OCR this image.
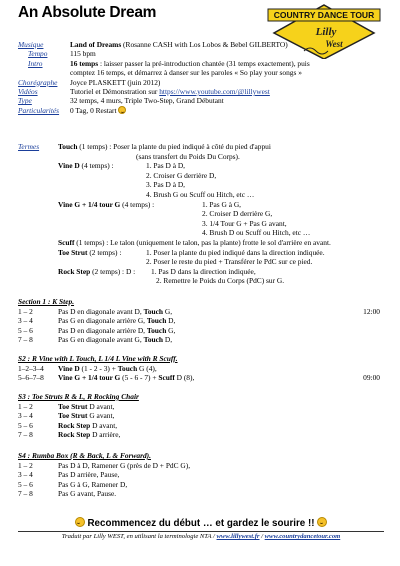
An Absolute Dream	COUNTRY DANCE TOUR
Lilly
West
Musique	Land of Dreams (Rosanne CASH with Los Lobos & Bebel GILBERTO)
Tempo	115 bpm
Intro	16 temps : laisser passer la pré-introduction chantée (31 temps exactement), puis
comptez 16 temps, et démarrez à danser sur les paroles « So play your songs »
Chorégraphe	Joyce PLASKETT (juin 2012)
Vidéos	Tutoriel et Démonstration sur https://www.youtube.com/@lillywest
Type	32 temps, 4 murs, Triple Two-Step, Grand Débutant
Particularités	0 Tag, 0 Restart
Termes	Touch (1 temps) : Poser la plante du pied indiqué à côté du pied d'appui
(sans transfert du Poids Du Corps).
Vine D (4 temps) :	1. Pas D à D,
2. Croiser G derrière D,
3. Pas D à D,
4. Brush G ou Scuff ou Hitch, etc …
Vine G + 1/4 tour G (4 temps) :	1. Pas G à G,
2. Croiser D derrière G,
3. 1/4 Tour G + Pas G avant,
4. Brush D ou Scuff ou Hitch, etc …
Scuff (1 temps) : Le talon (uniquement le talon, pas la plante) frotte le sol d'arrière en avant.
Toe Strut (2 temps) :	1. Poser la plante du pied indiqué dans la direction indiquée.
2. Poser le reste du pied + Transférer le PdC sur ce pied.
Rock Step (2 temps) : D : 1. Pas D dans la direction indiquée,
2. Remettre le Poids du Corps (PdC) sur G.
Section 1 : K Step.
1 – 2	Pas D en diagonale avant D, Touch G,	12:00
3 – 4	Pas G en diagonale arrière G, Touch D,
5 – 6	Pas D en diagonale arrière D, Touch G,
7 – 8	Pas G en diagonale avant G, Touch D,
S2 : R Vine with L Touch, L 1/4 L Vine with R Scuff.
1–2–3–4 Vine D (1 - 2 - 3) + Touch G (4),
5–6–7–8 Vine G + 1/4 tour G (5 - 6 - 7) + Scuff D (8),	09:00
S3 : Toe Struts R & L, R Rocking Chair
1 – 2	Toe Strut D avant,
3 – 4	Toe Strut G avant,
5 – 6	Rock Step D avant,
7 – 8	Rock Step D arrière,
S4 : Rumba Box (R & Back, L & Forward).
1 – 2	Pas D à D, Ramener G (près de D + PdC G),
3 – 4	Pas D arrière, Pause,
5 – 6	Pas G à G, Ramener D,
7 – 8	Pas G avant, Pause.
Recommencez du début … et gardez le sourire !!
Traduit par Lilly WEST, en utilisant la terminologie NTA / www.lillywest.fr / www.countrydancetour.com
